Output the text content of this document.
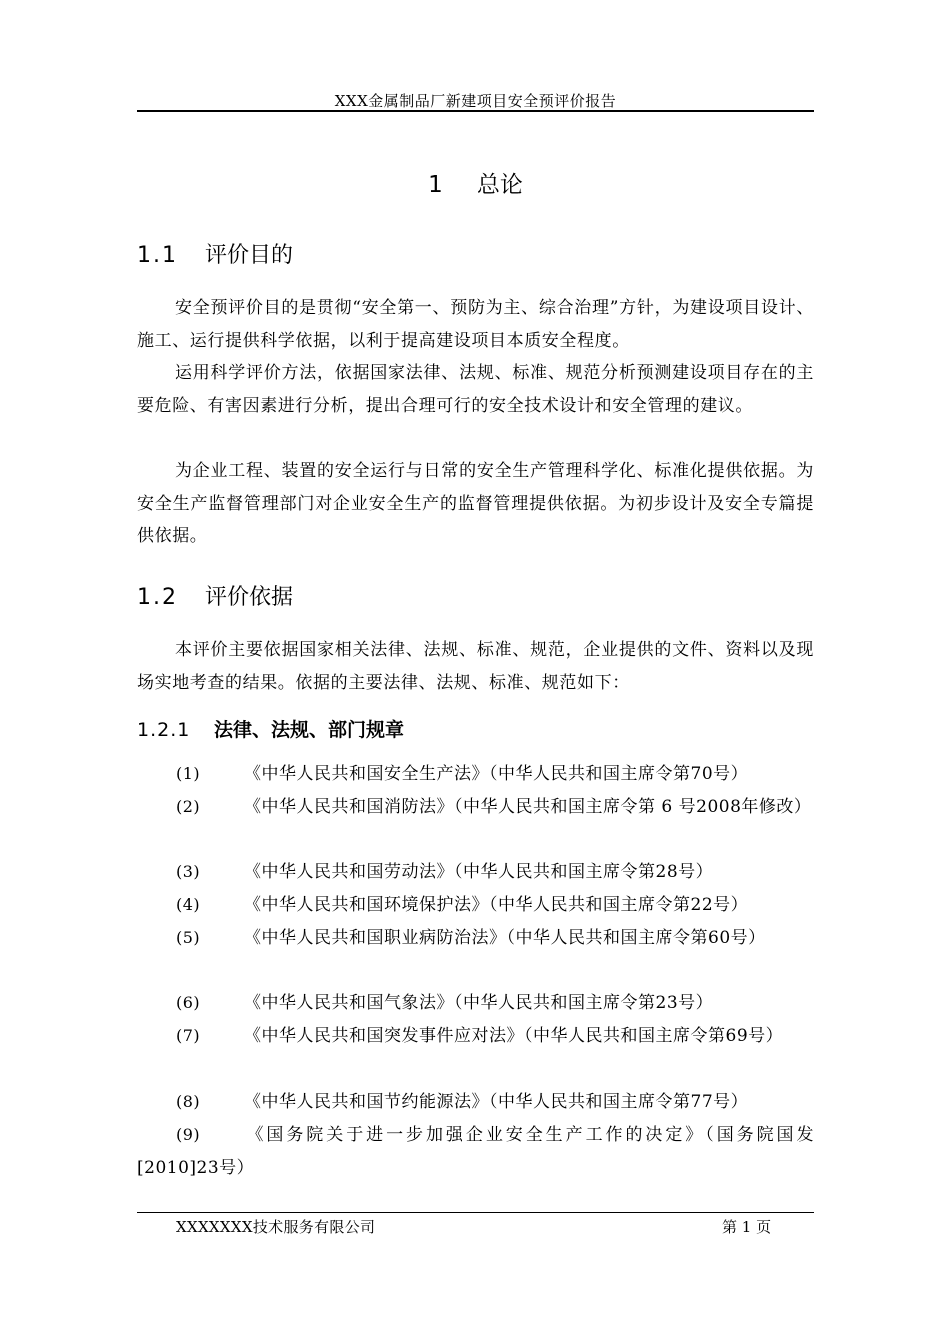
XXX金属制品厂新建项目安全预评价报告
1 总论
1.1 评价目的
安全预评价目的是贯彻“安全第一、预防为主、综合治理”方针，为建设项目设计、施工、运行提供科学依据，以利于提高建设项目本质安全程度。
运用科学评价方法，依据国家法律、法规、标准、规范分析预测建设项目存在的主要危险、有害因素进行分析，提出合理可行的安全技术设计和安全管理的建议。
为企业工程、装置的安全运行与日常的安全生产管理科学化、标准化提供依据。为安全生产监督管理部门对企业安全生产的监督管理提供依据。为初步设计及安全专篇提供依据。
1.2 评价依据
本评价主要依据国家相关法律、法规、标准、规范，企业提供的文件、资料以及现场实地考查的结果。依据的主要法律、法规、标准、规范如下：
1.2.1 法律、法规、部门规章
(1)	《中华人民共和国安全生产法》（中华人民共和国主席令第70号）
(2)	《中华人民共和国消防法》（中华人民共和国主席令第 6 号2008年修改）
(3)	《中华人民共和国劳动法》（中华人民共和国主席令第28号）
(4)	《中华人民共和国环境保护法》（中华人民共和国主席令第22号）
(5)	《中华人民共和国职业病防治法》（中华人民共和国主席令第60号）
(6)	《中华人民共和国气象法》（中华人民共和国主席令第23号）
(7)	《中华人民共和国突发事件应对法》（中华人民共和国主席令第69号）
(8)	《中华人民共和国节约能源法》（中华人民共和国主席令第77号）
(9)	《国务院关于进一步加强企业安全生产工作的决定》（国务院国发[2010]23号）
XXXXXXX技术服务有限公司	第 1 页
